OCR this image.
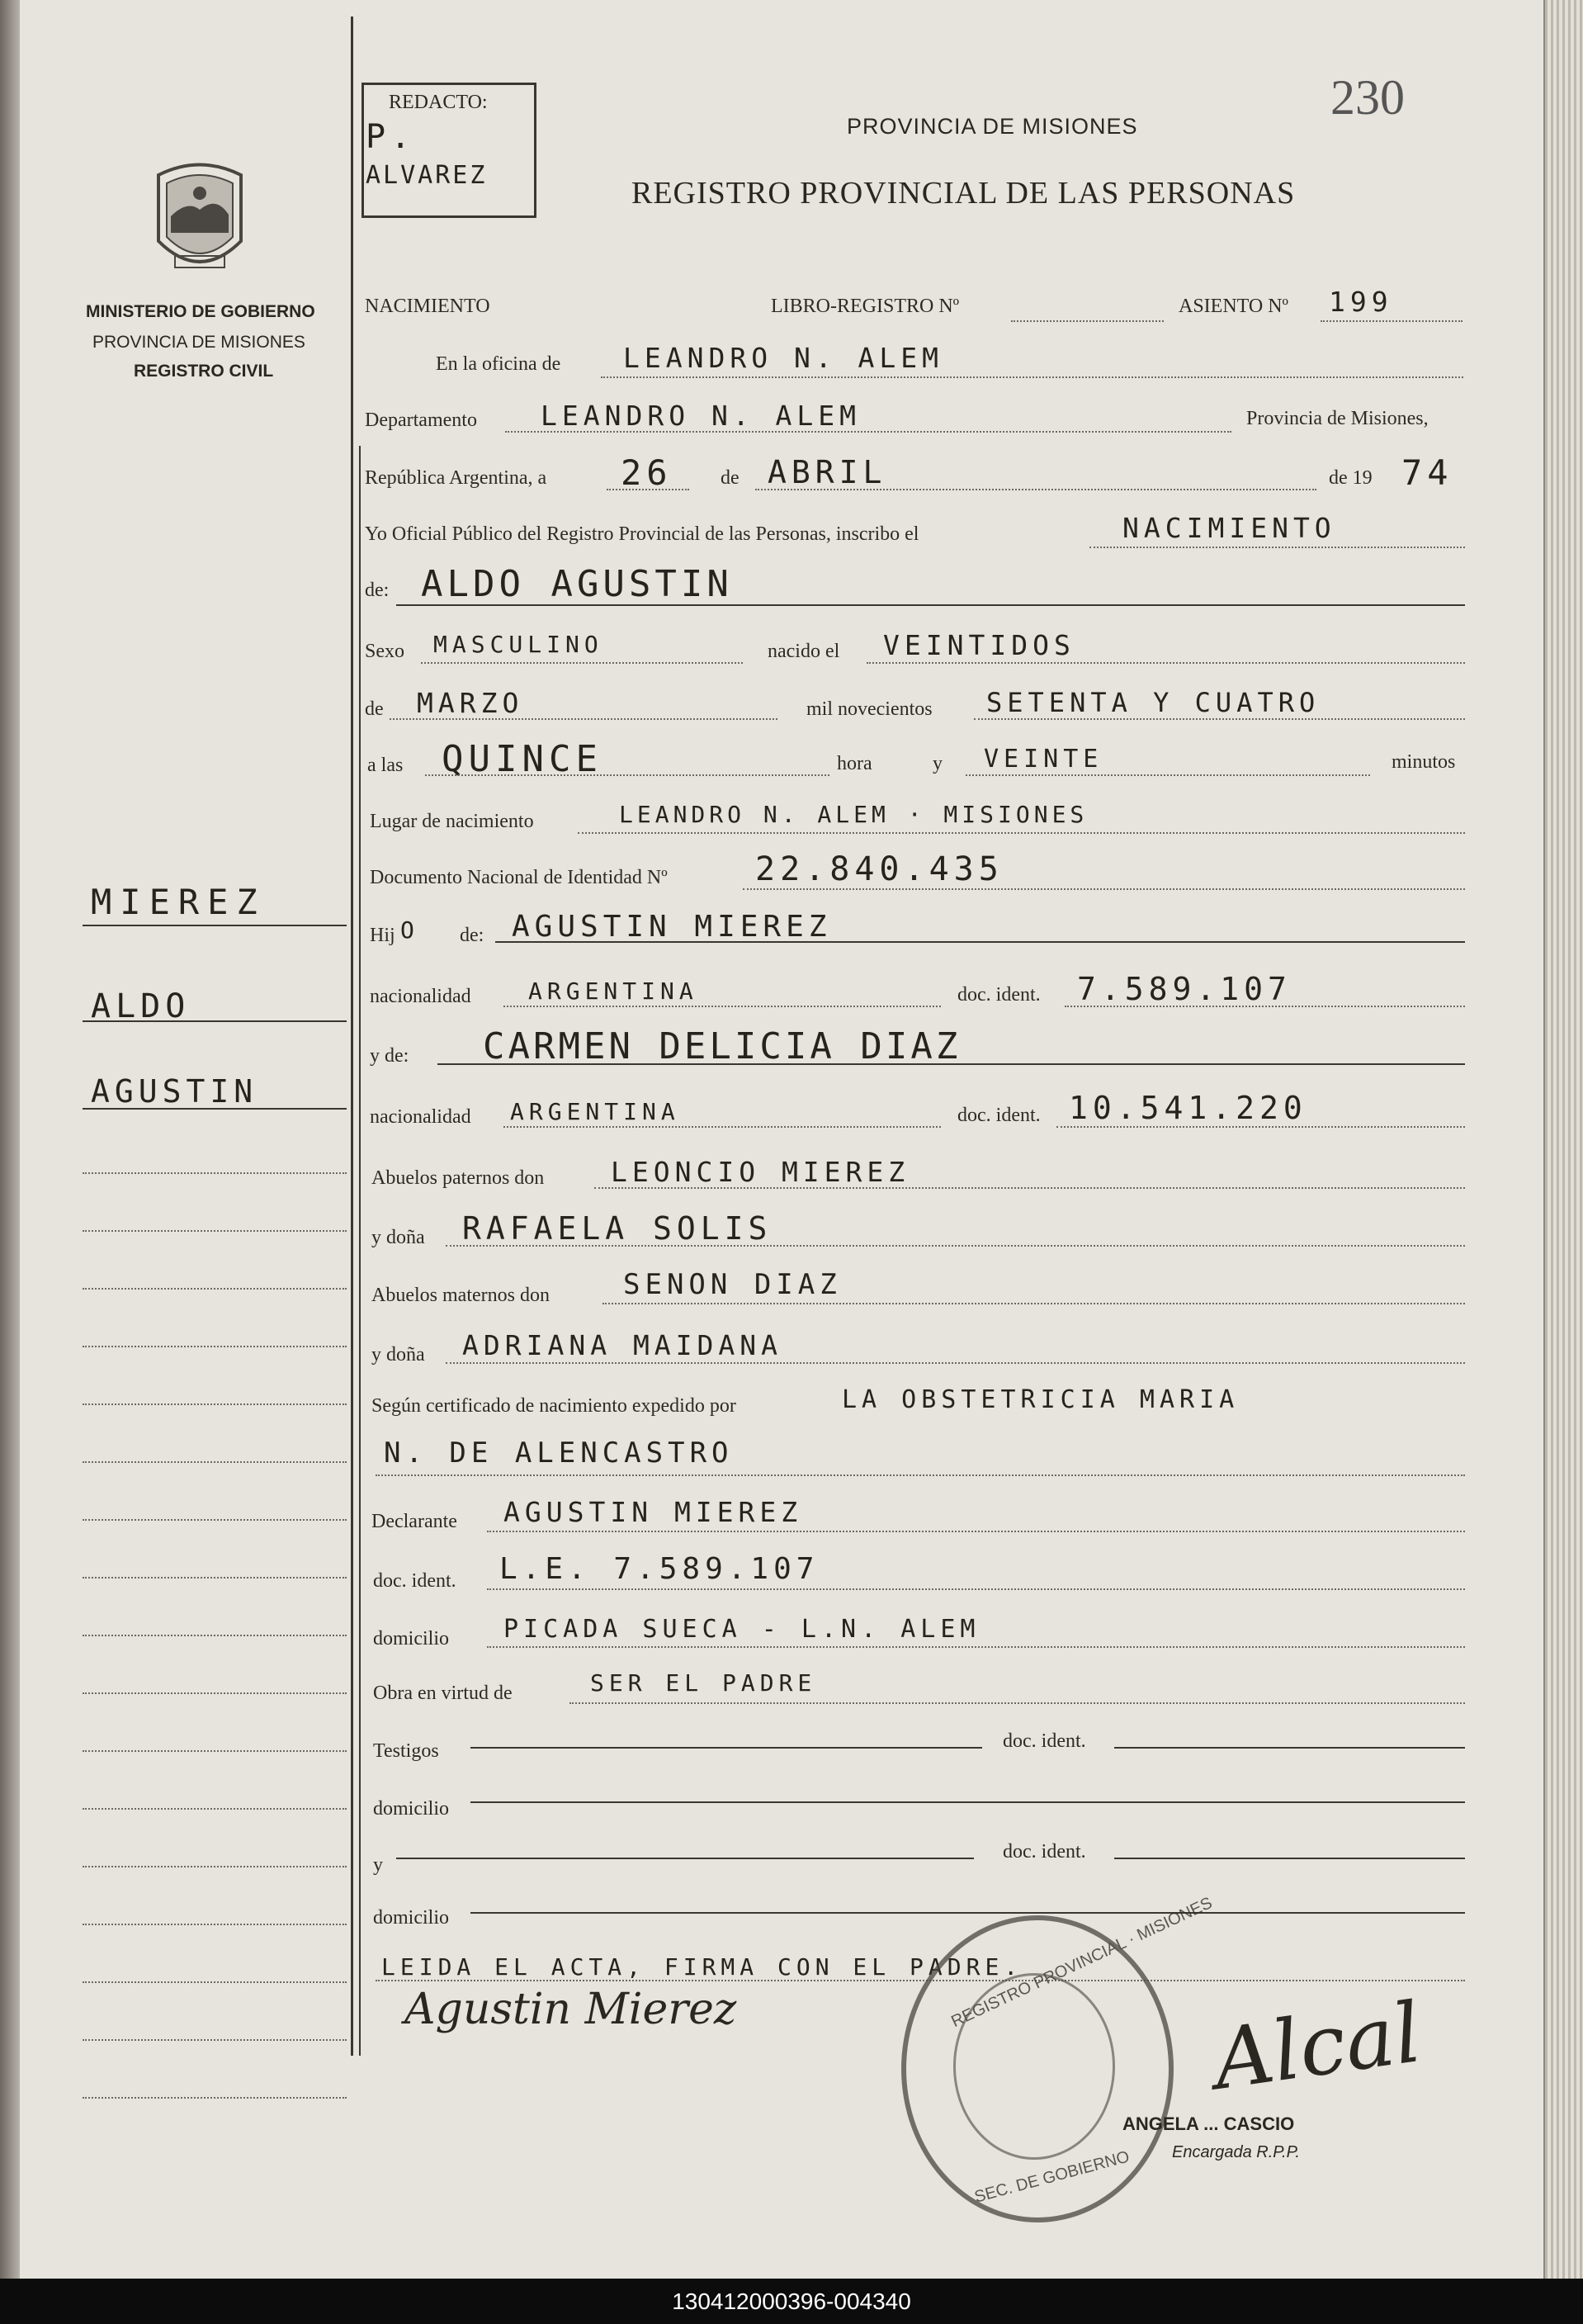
230
REDACTO:
P.
ALVAREZ
PROVINCIA DE MISIONES
REGISTRO PROVINCIAL DE LAS PERSONAS
MINISTERIO DE GOBIERNO
PROVINCIA DE MISIONES
REGISTRO CIVIL
MIEREZ
ALDO
AGUSTIN
NACIMIENTO	LIBRO-REGISTRO Nº	ASIENTO Nº 199
En la oficina de LEANDRO N. ALEM
Departamento LEANDRO N. ALEM	Provincia de Misiones,
República Argentina, a 26 de ABRIL	de 19 74
Yo Oficial Público del Registro Provincial de las Personas, inscribo el	NACIMIENTO
de: ALDO AGUSTIN
Sexo MASCULINO	nacido el VEINTIDOS
de MARZO	mil novecientos SETENTA Y CUATRO
a las QUINCE	hora	y VEINTE	minutos
Lugar de nacimiento	LEANDRO N. ALEM · MISIONES
Documento Nacional de Identidad Nº	22.840.435
Hij O de: AGUSTIN MIEREZ
nacionalidad ARGENTINA	doc. ident. 7.589.107
y de: CARMEN DELICIA DIAZ
nacionalidad ARGENTINA	doc. ident. 10.541.220
Abuelos paternos don LEONCIO MIEREZ
y doña RAFAELA SOLIS
Abuelos maternos don	SENON DIAZ
y doña ADRIANA MAIDANA
Según certificado de nacimiento expedido por	LA OBSTETRICIA MARIA
N. DE ALENCASTRO
Declarante AGUSTIN MIEREZ
doc. ident. L.E. 7.589.107
domicilio PICADA SUECA - L.N. ALEM
Obra en virtud de	SER EL PADRE
Testigos	doc. ident.
domicilio
y
doc. ident.
domicilio
LEIDA EL ACTA, FIRMA CON EL PADRE.
Agustin Mierez	REGISTRO PROVINCIAL · MISIONES
SEC. DE GOBIERNO
ANGELA ... CASCIO
Encargada R.P.P.
Alcal
130412000396-004340
